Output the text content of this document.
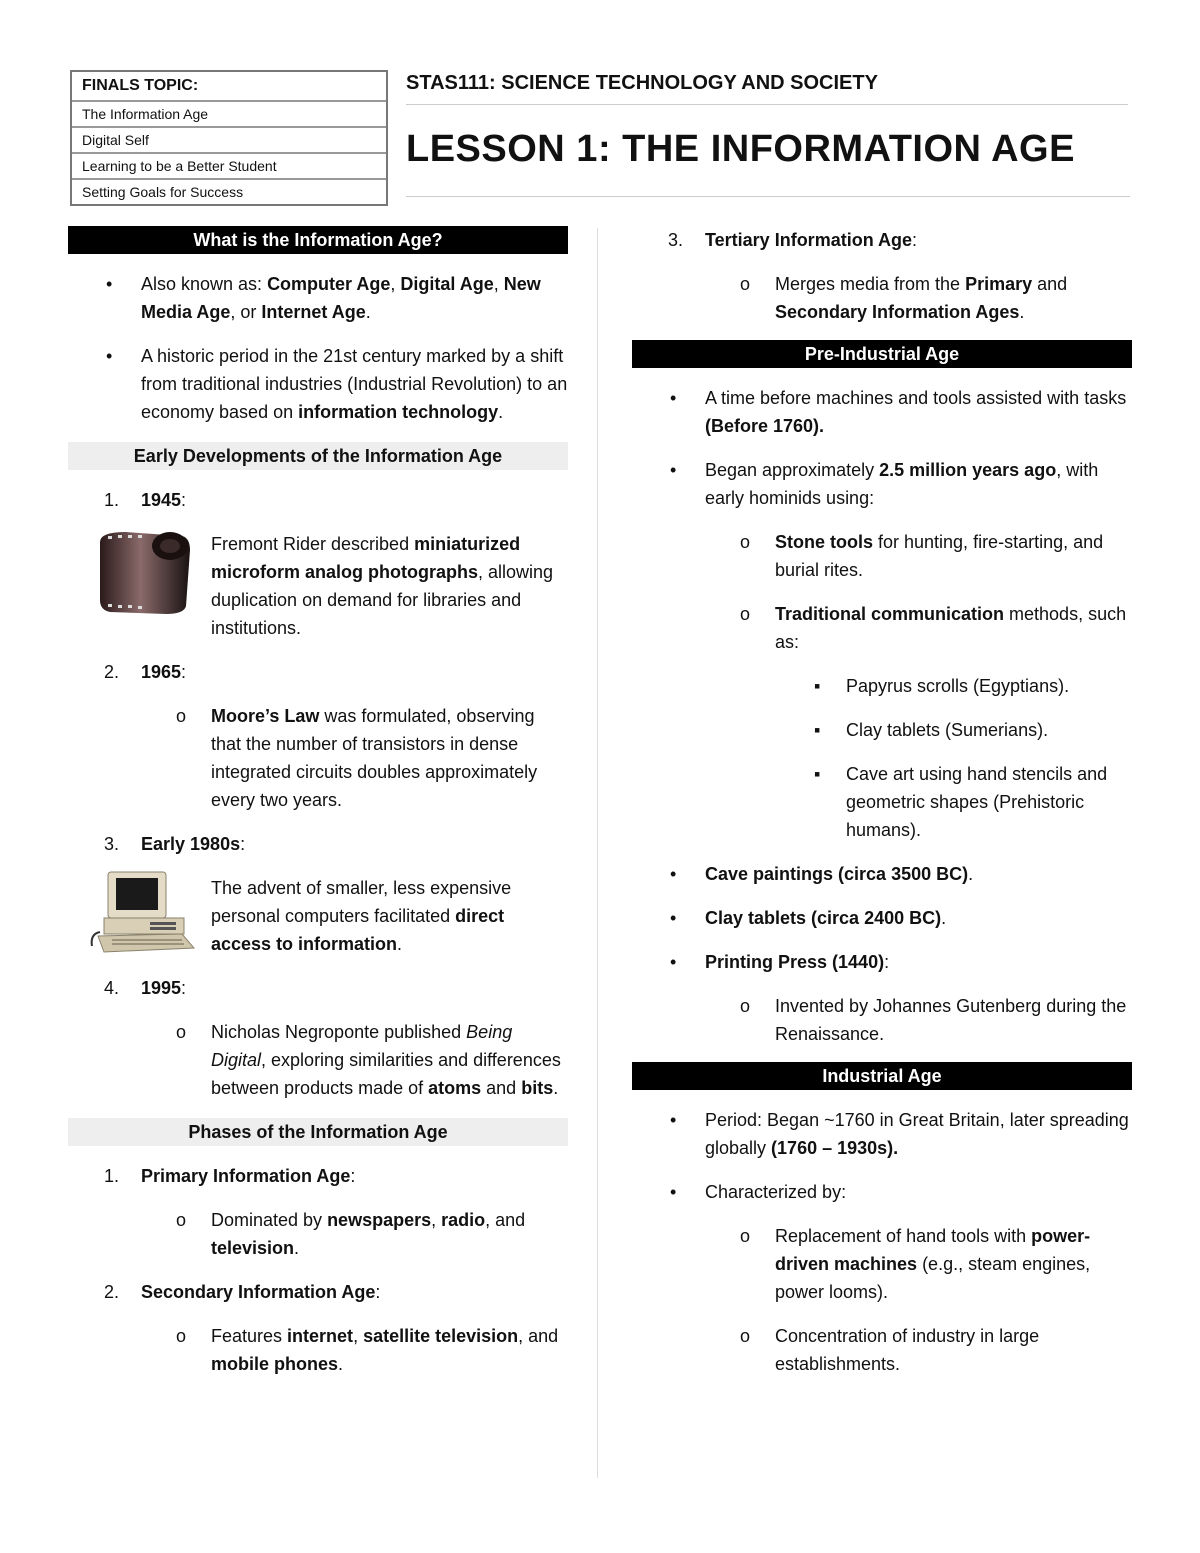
FINALS TOPIC:
The Information Age
Digital Self
Learning to be a Better Student
Setting Goals for Success
STAS111: SCIENCE TECHNOLOGY AND SOCIETY
LESSON 1: THE INFORMATION AGE
What is the Information Age?
• Also known as: Computer Age, Digital Age, New Media Age, or Internet Age.
• A historic period in the 21st century marked by a shift from traditional industries (Industrial Revolution) to an economy based on information technology.
Early Developments of the Information Age
1. 1945:
Fremont Rider described miniaturized microform analog photographs, allowing duplication on demand for libraries and institutions.
2. 1965:
o Moore’s Law was formulated, observing that the number of transistors in dense integrated circuits doubles approximately every two years.
3. Early 1980s:
The advent of smaller, less expensive personal computers facilitated direct access to information.
4. 1995:
o Nicholas Negroponte published Being Digital, exploring similarities and differences between products made of atoms and bits.
Phases of the Information Age
1. Primary Information Age:
o Dominated by newspapers, radio, and television.
2. Secondary Information Age:
o Features internet, satellite television, and mobile phones.
3. Tertiary Information Age:
o Merges media from the Primary and Secondary Information Ages.
Pre-Industrial Age
• A time before machines and tools assisted with tasks (Before 1760).
• Began approximately 2.5 million years ago, with early hominids using:
o Stone tools for hunting, fire-starting, and burial rites.
o Traditional communication methods, such as:
▪ Papyrus scrolls (Egyptians).
▪ Clay tablets (Sumerians).
▪ Cave art using hand stencils and geometric shapes (Prehistoric humans).
• Cave paintings (circa 3500 BC).
• Clay tablets (circa 2400 BC).
• Printing Press (1440):
o Invented by Johannes Gutenberg during the Renaissance.
Industrial Age
• Period: Began ~1760 in Great Britain, later spreading globally (1760 – 1930s).
• Characterized by:
o Replacement of hand tools with power-driven machines (e.g., steam engines, power looms).
o Concentration of industry in large establishments.
